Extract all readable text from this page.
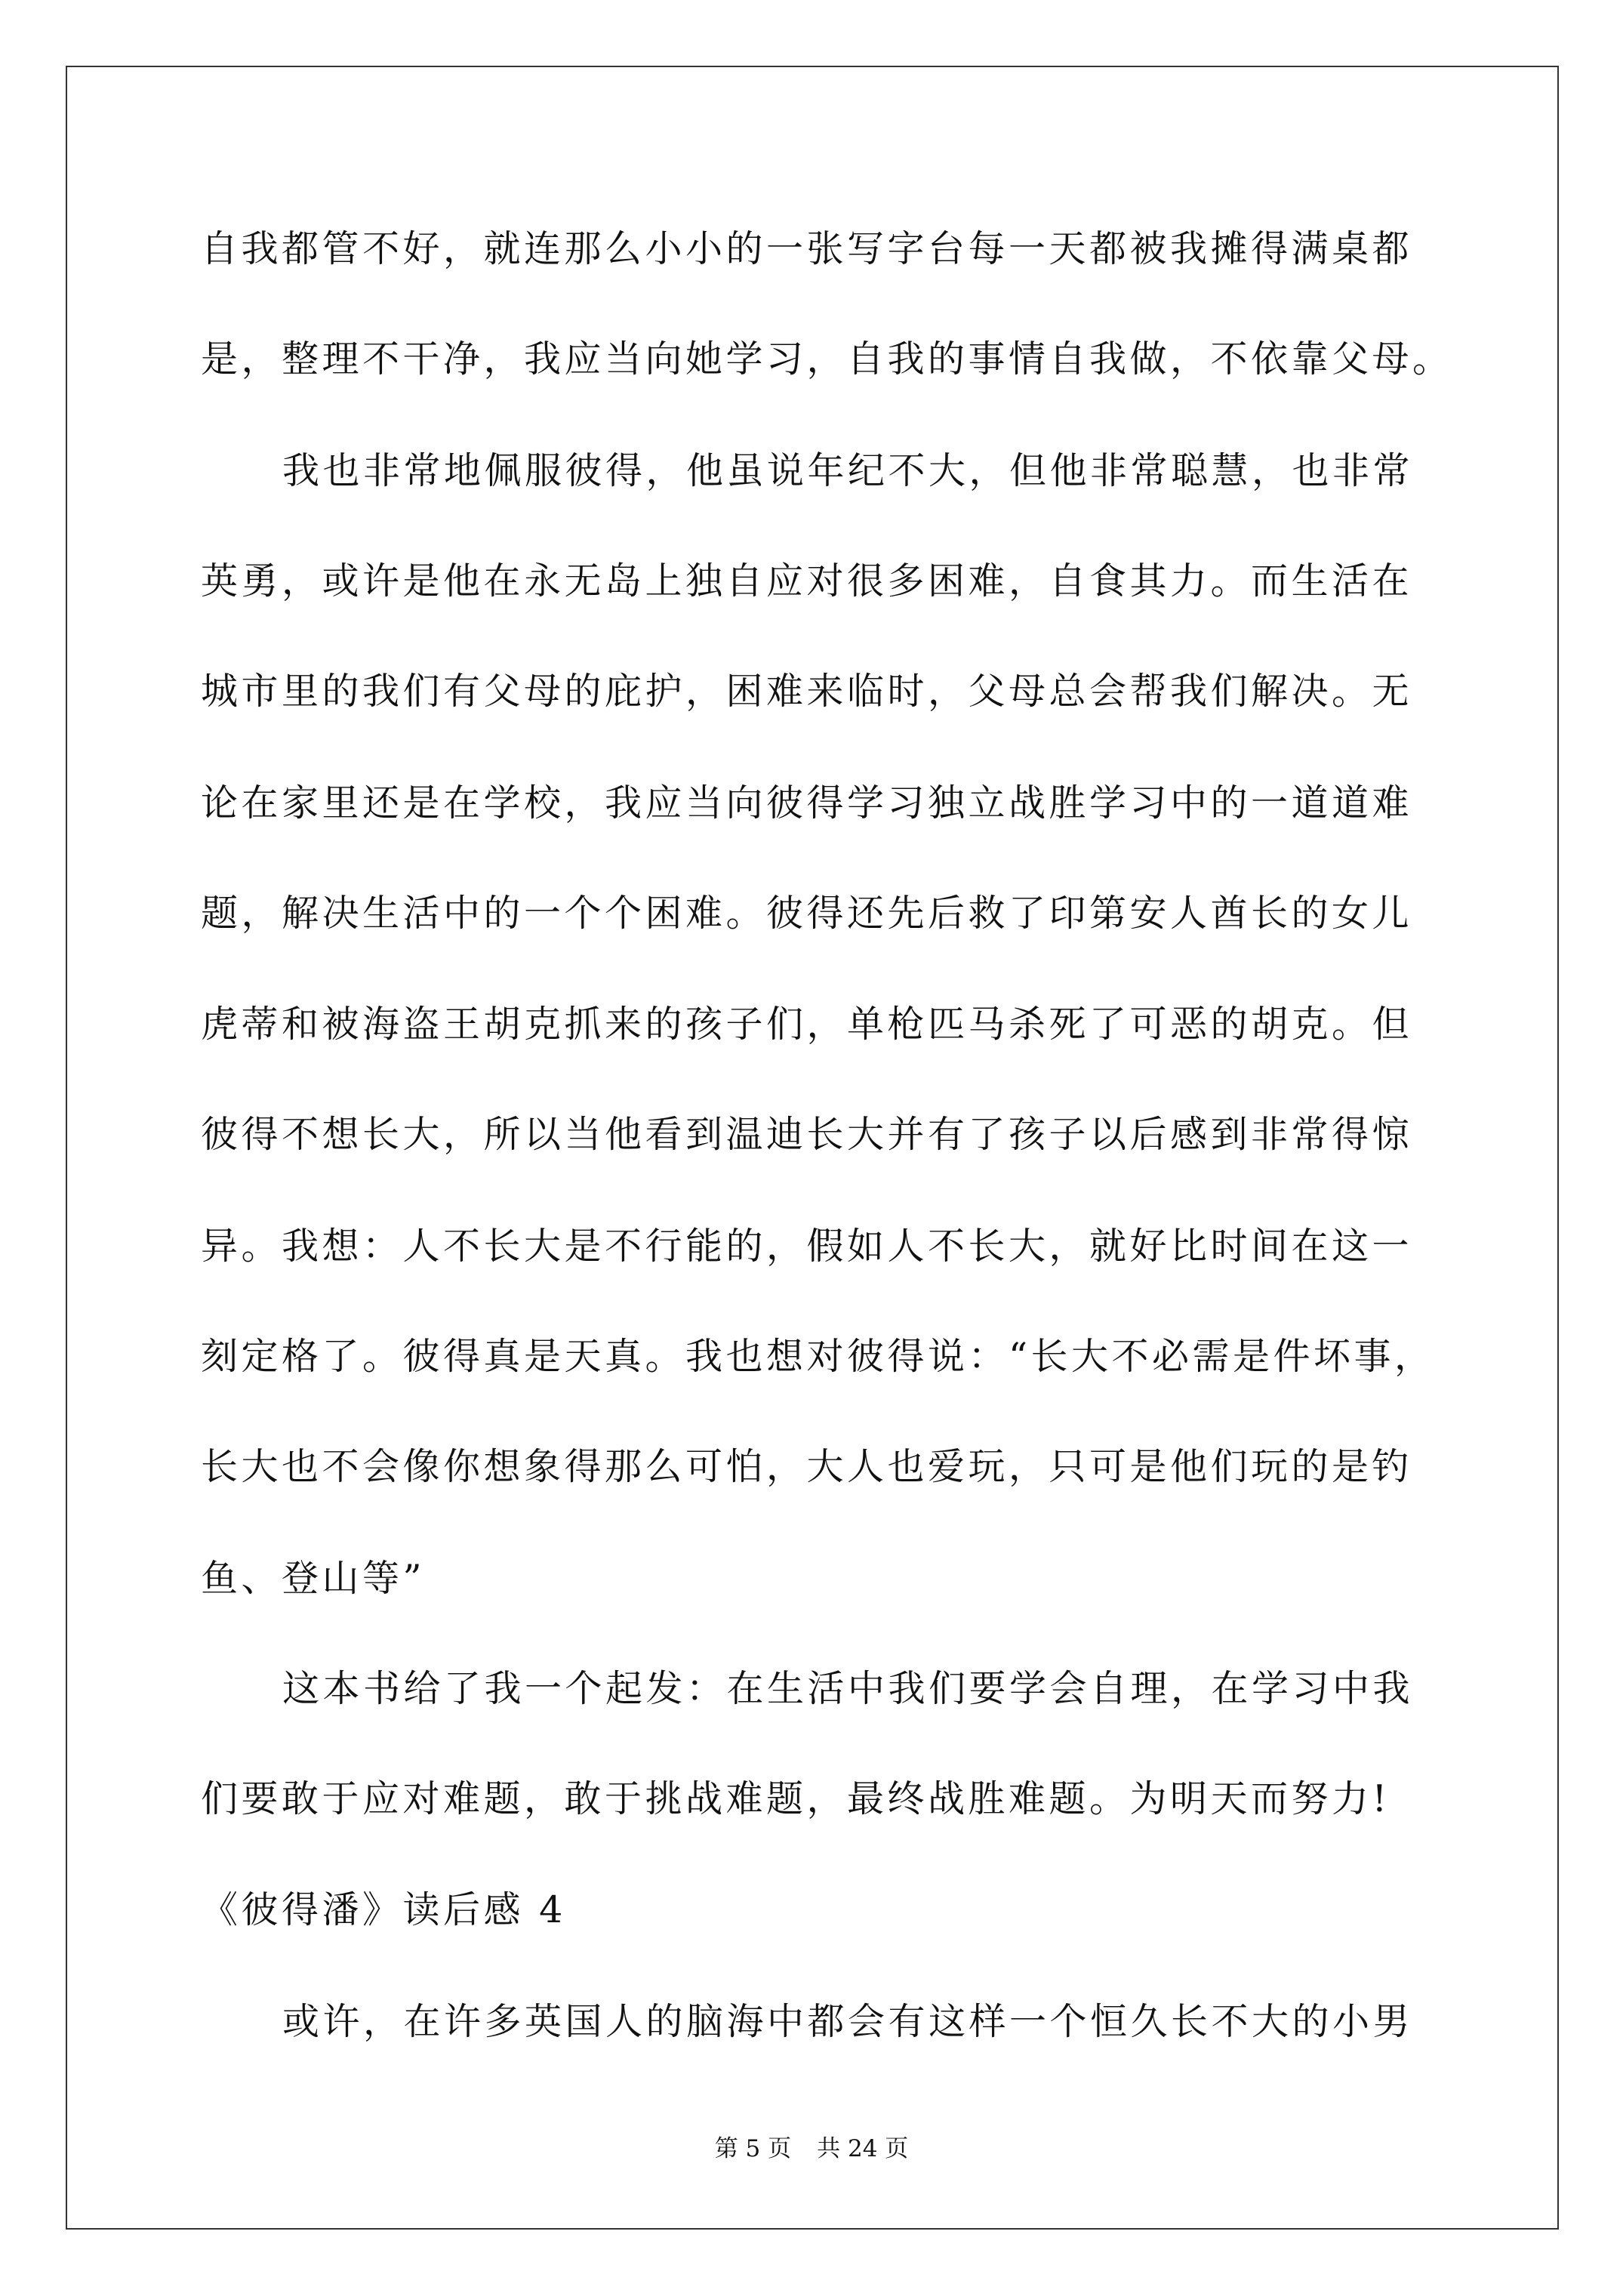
自我都管不好，就连那么小小的一张写字台每一天都被我摊得满桌都
是，整理不干净，我应当向她学习，自我的事情自我做，不依靠父母。
我也非常地佩服彼得，他虽说年纪不大，但他非常聪慧，也非常
英勇，或许是他在永无岛上独自应对很多困难，自食其力。而生活在
城市里的我们有父母的庇护，困难来临时，父母总会帮我们解决。无
论在家里还是在学校，我应当向彼得学习独立战胜学习中的一道道难
题，解决生活中的一个个困难。彼得还先后救了印第安人酋长的女儿
虎蒂和被海盗王胡克抓来的孩子们，单枪匹马杀死了可恶的胡克。但
彼得不想长大，所以当他看到温迪长大并有了孩子以后感到非常得惊
异。我想：人不长大是不行能的，假如人不长大，就好比时间在这一
刻定格了。彼得真是天真。我也想对彼得说：“长大不必需是件坏事，
长大也不会像你想象得那么可怕，大人也爱玩，只可是他们玩的是钓
鱼、登山等”
这本书给了我一个起发：在生活中我们要学会自理，在学习中我
们要敢于应对难题，敢于挑战难题，最终战胜难题。为明天而努力!
《彼得潘》读后感 4
或许，在许多英国人的脑海中都会有这样一个恒久长不大的小男
第 5 页 共 24 页
